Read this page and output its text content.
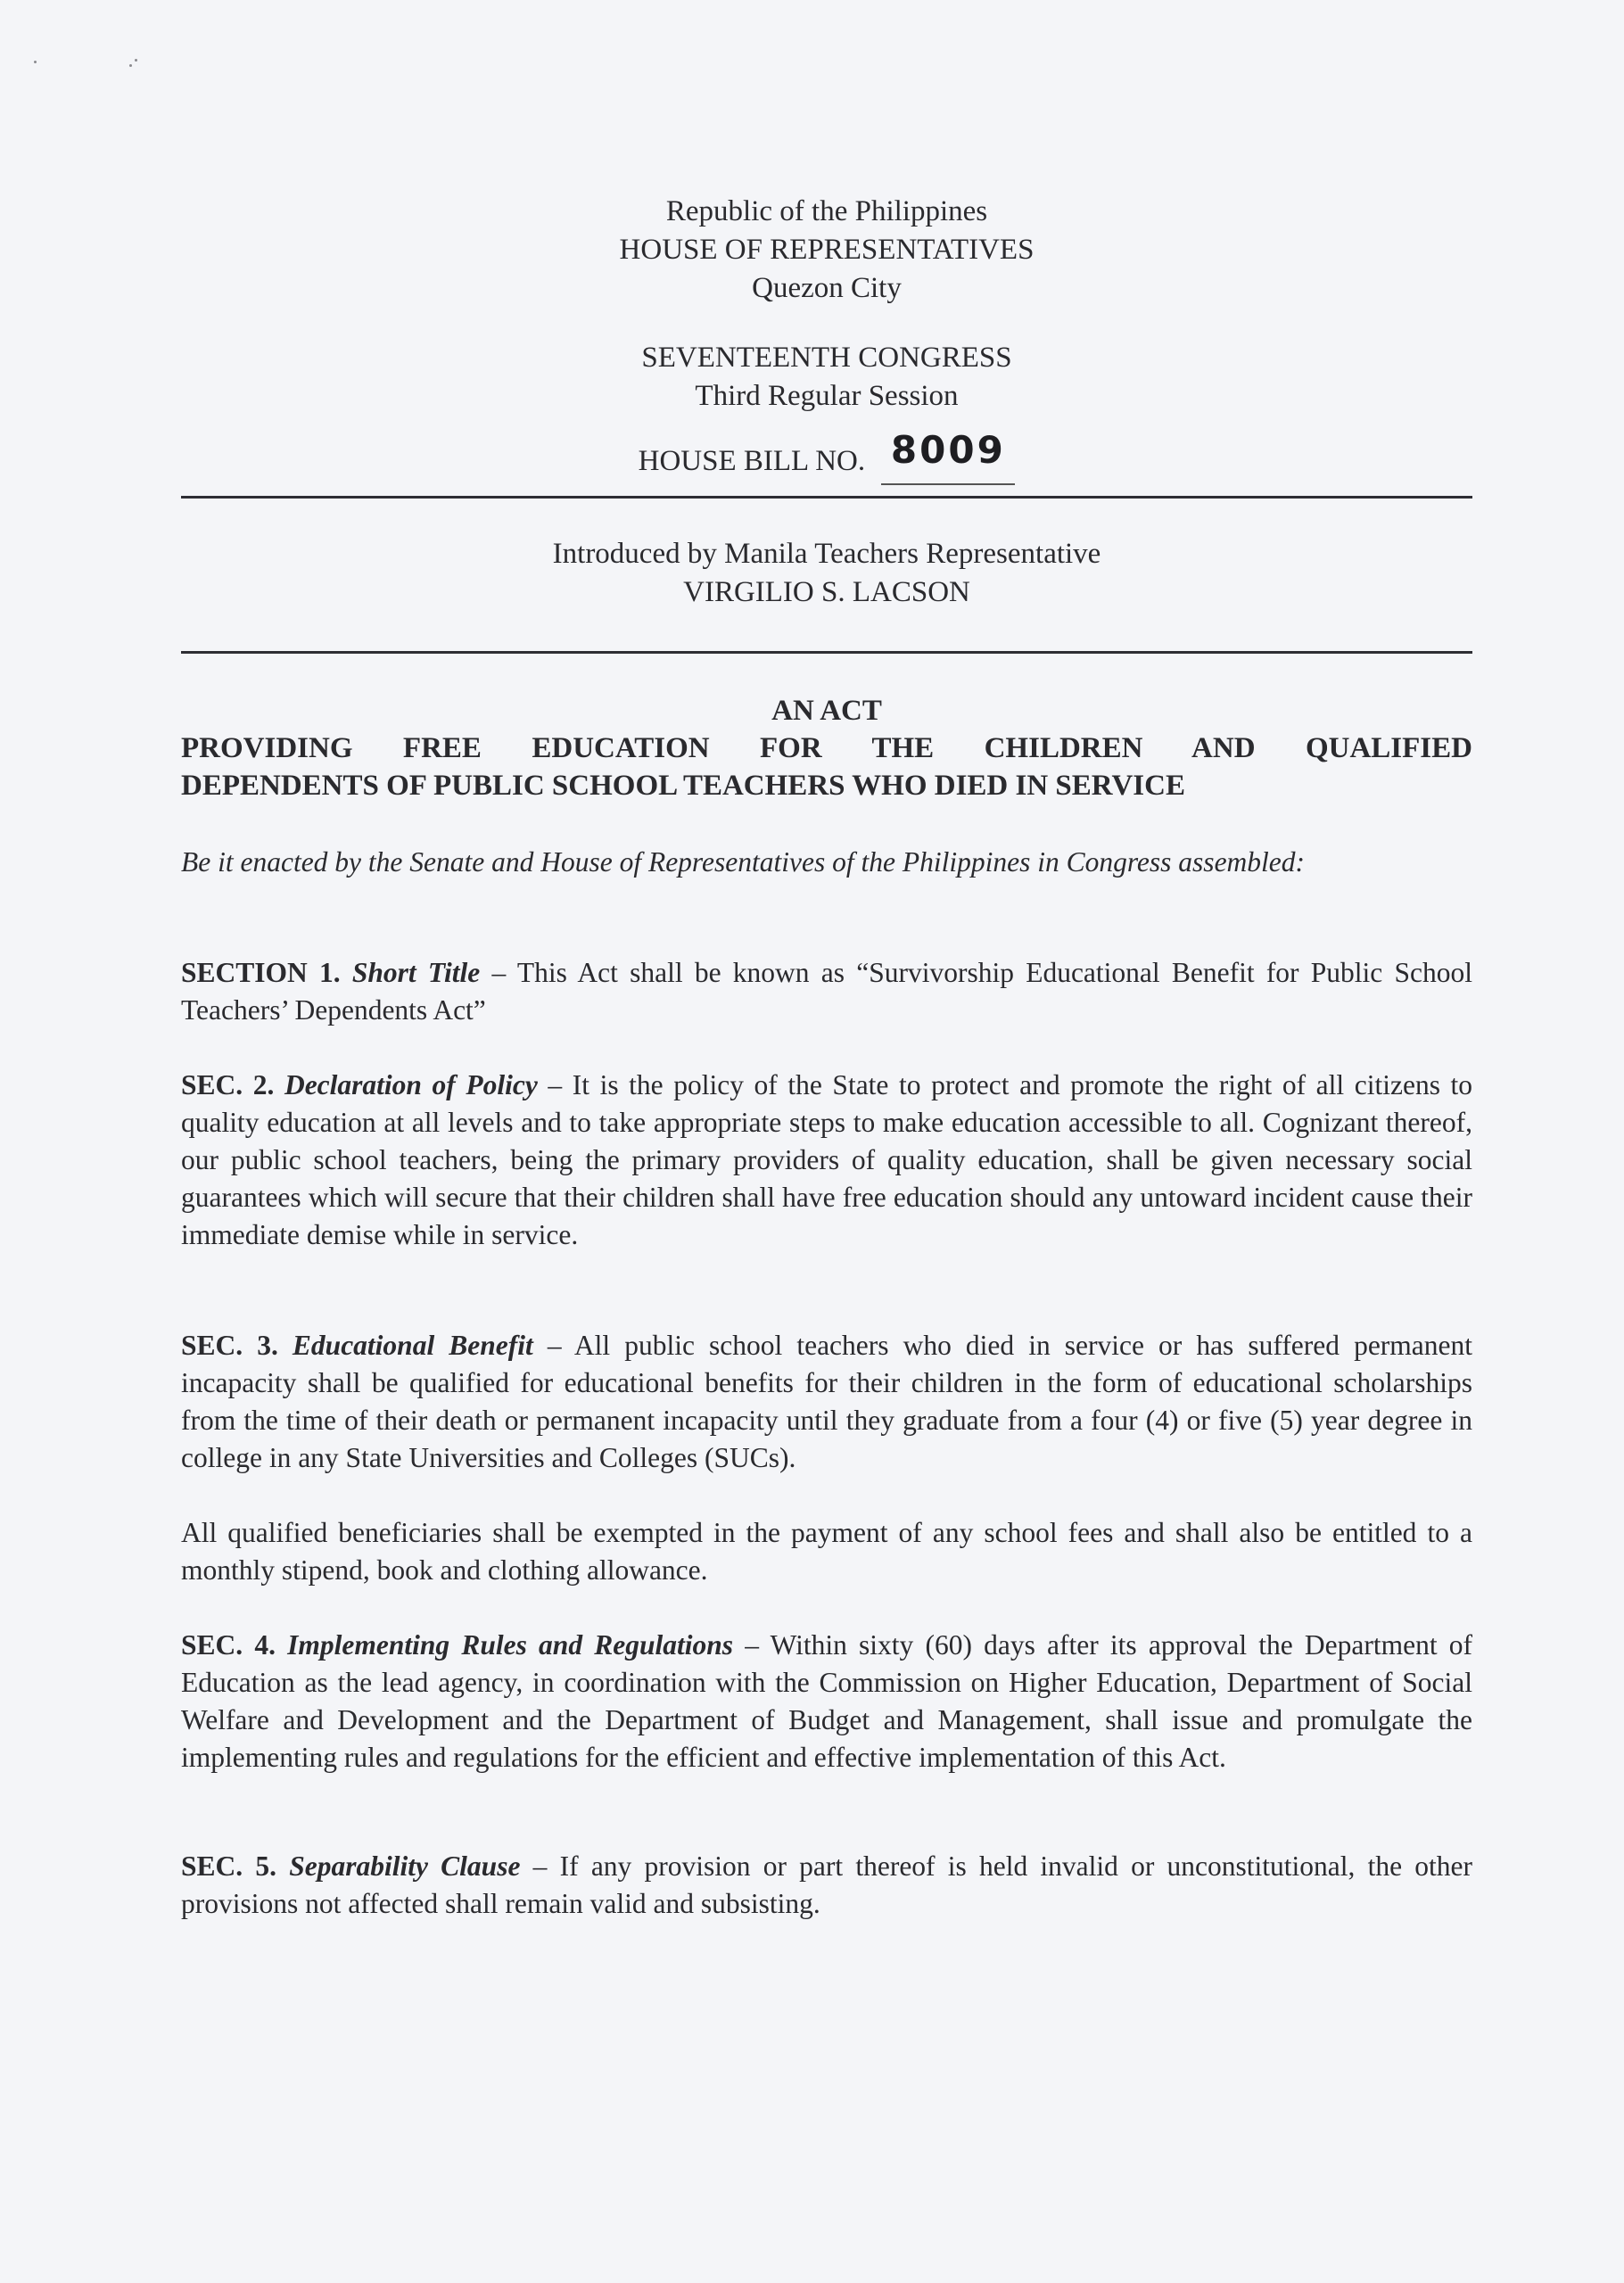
Republic of the Philippines
HOUSE OF REPRESENTATIVES
Quezon City
SEVENTEENTH CONGRESS
Third Regular Session
HOUSE BILL NO. 8009
Introduced by Manila Teachers Representative
VIRGILIO S. LACSON
AN ACT
PROVIDING FREE EDUCATION FOR THE CHILDREN AND QUALIFIED
DEPENDENTS OF PUBLIC SCHOOL TEACHERS WHO DIED IN SERVICE
Be it enacted by the Senate and House of Representatives of the Philippines in Congress assembled:
SECTION 1. Short Title – This Act shall be known as “Survivorship Educational Benefit for Public School Teachers’ Dependents Act”
SEC. 2. Declaration of Policy – It is the policy of the State to protect and promote the right of all citizens to quality education at all levels and to take appropriate steps to make education accessible to all. Cognizant thereof, our public school teachers, being the primary providers of quality education, shall be given necessary social guarantees which will secure that their children shall have free education should any untoward incident cause their immediate demise while in service.
SEC. 3. Educational Benefit – All public school teachers who died in service or has suffered permanent incapacity shall be qualified for educational benefits for their children in the form of educational scholarships from the time of their death or permanent incapacity until they graduate from a four (4) or five (5) year degree in college in any State Universities and Colleges (SUCs).
All qualified beneficiaries shall be exempted in the payment of any school fees and shall also be entitled to a monthly stipend, book and clothing allowance.
SEC. 4. Implementing Rules and Regulations – Within sixty (60) days after its approval the Department of Education as the lead agency, in coordination with the Commission on Higher Education, Department of Social Welfare and Development and the Department of Budget and Management, shall issue and promulgate the implementing rules and regulations for the efficient and effective implementation of this Act.
SEC. 5. Separability Clause – If any provision or part thereof is held invalid or unconstitutional, the other provisions not affected shall remain valid and subsisting.
